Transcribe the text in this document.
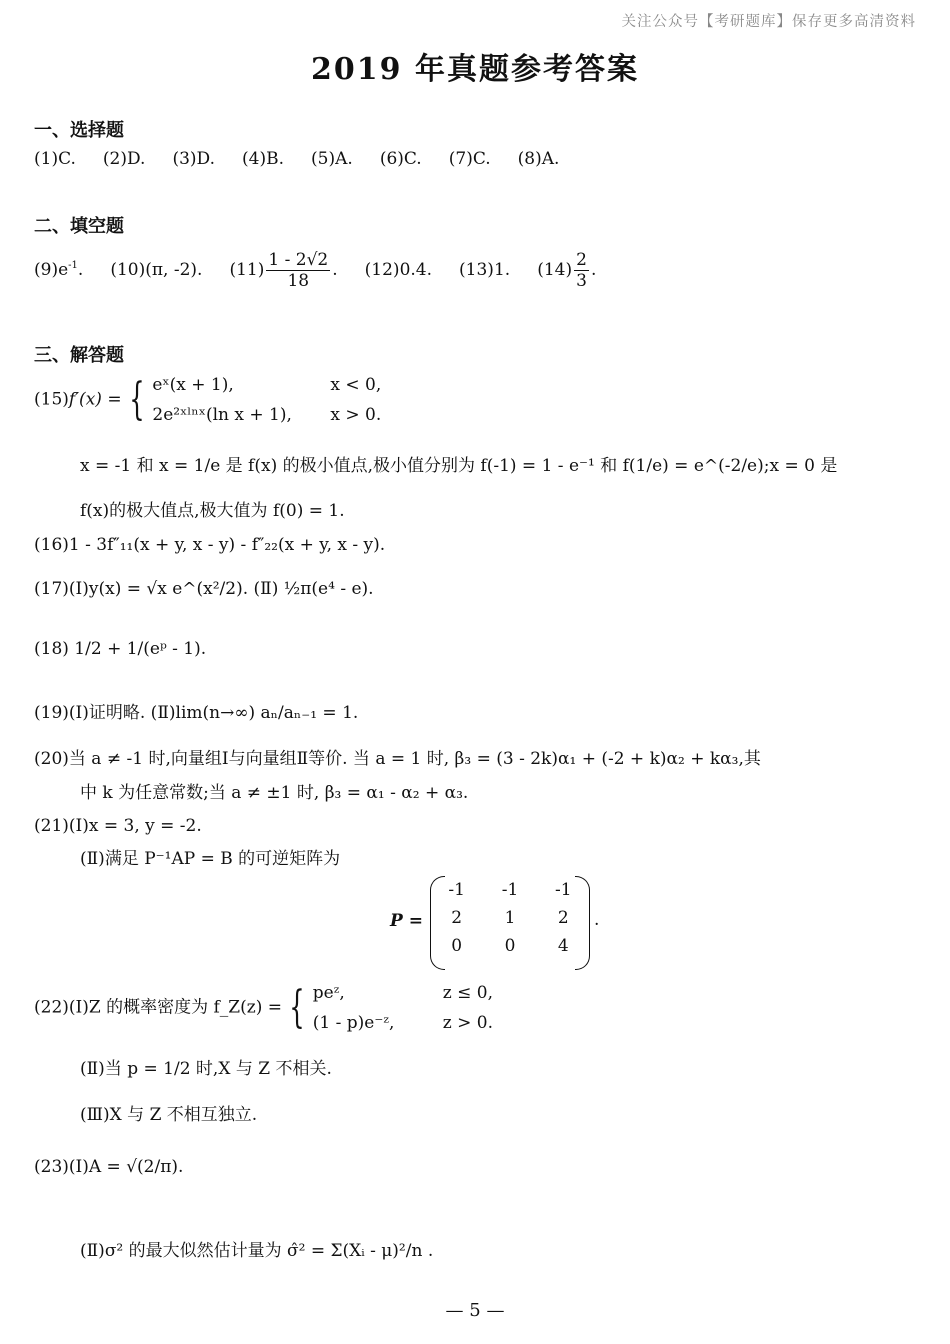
关注公众号【考研题库】保存更多高清资料
2019 年真题参考答案
一、选择题
(1)C. (2)D. (3)D. (4)B. (5)A. (6)C. (7)C. (8)A.
二、填空题
$(9)e^{-1}$. (10)(π, -2). $(11) \frac{1 - 2√2}{18}$ . (12)0.4. (13)1. $(14) \frac{2}{3}$ .
三、解答题
(15)f′(x) = { eˣ(x + 1),	x < 0,
2e²ˣˡⁿˣ(ln x + 1), x > 0.
x = -1 和 x = 1/e 是 f(x) 的极小值点,极小值分别为 f(-1) = 1 - e⁻¹ 和 f(1/e) = e^(-2/e);x = 0 是
f(x)的极大值点,极大值为 f(0) = 1.
(16)1 - 3f″₁₁(x + y, x - y) - f″₂₂(x + y, x - y).
(17)(Ⅰ)y(x) = √x e^(x²/2). (Ⅱ) ½π(e⁴ - e).
(18) 1/2 + 1/(eᵖ - 1).
(19)(Ⅰ)证明略. (Ⅱ)lim(n→∞) aₙ/aₙ₋₁ = 1.
(20)当 a ≠ -1 时,向量组Ⅰ与向量组Ⅱ等价. 当 a = 1 时, β₃ = (3 - 2k)α₁ + (-2 + k)α₂ + kα₃,其
中 k 为任意常数;当 a ≠ ±1 时, β₃ = α₁ - α₂ + α₃.
(21)(Ⅰ)x = 3, y = -2.
(Ⅱ)满足 P⁻¹AP = B 的可逆矩阵为
P =
-1	-1	-1
2	1	2
0	0	4
.
(22)(Ⅰ)Z 的概率密度为 f_Z(z) = { peᶻ,	z ≤ 0,
(1 - p)e⁻ᶻ,	z > 0.
(Ⅱ)当 p = 1/2 时,X 与 Z 不相关.
(Ⅲ)X 与 Z 不相互独立.
(23)(Ⅰ)A = √(2/π).
(Ⅱ)σ² 的最大似然估计量为 σ̂² = Σ(Xᵢ - μ)²/n .
— 5 —
